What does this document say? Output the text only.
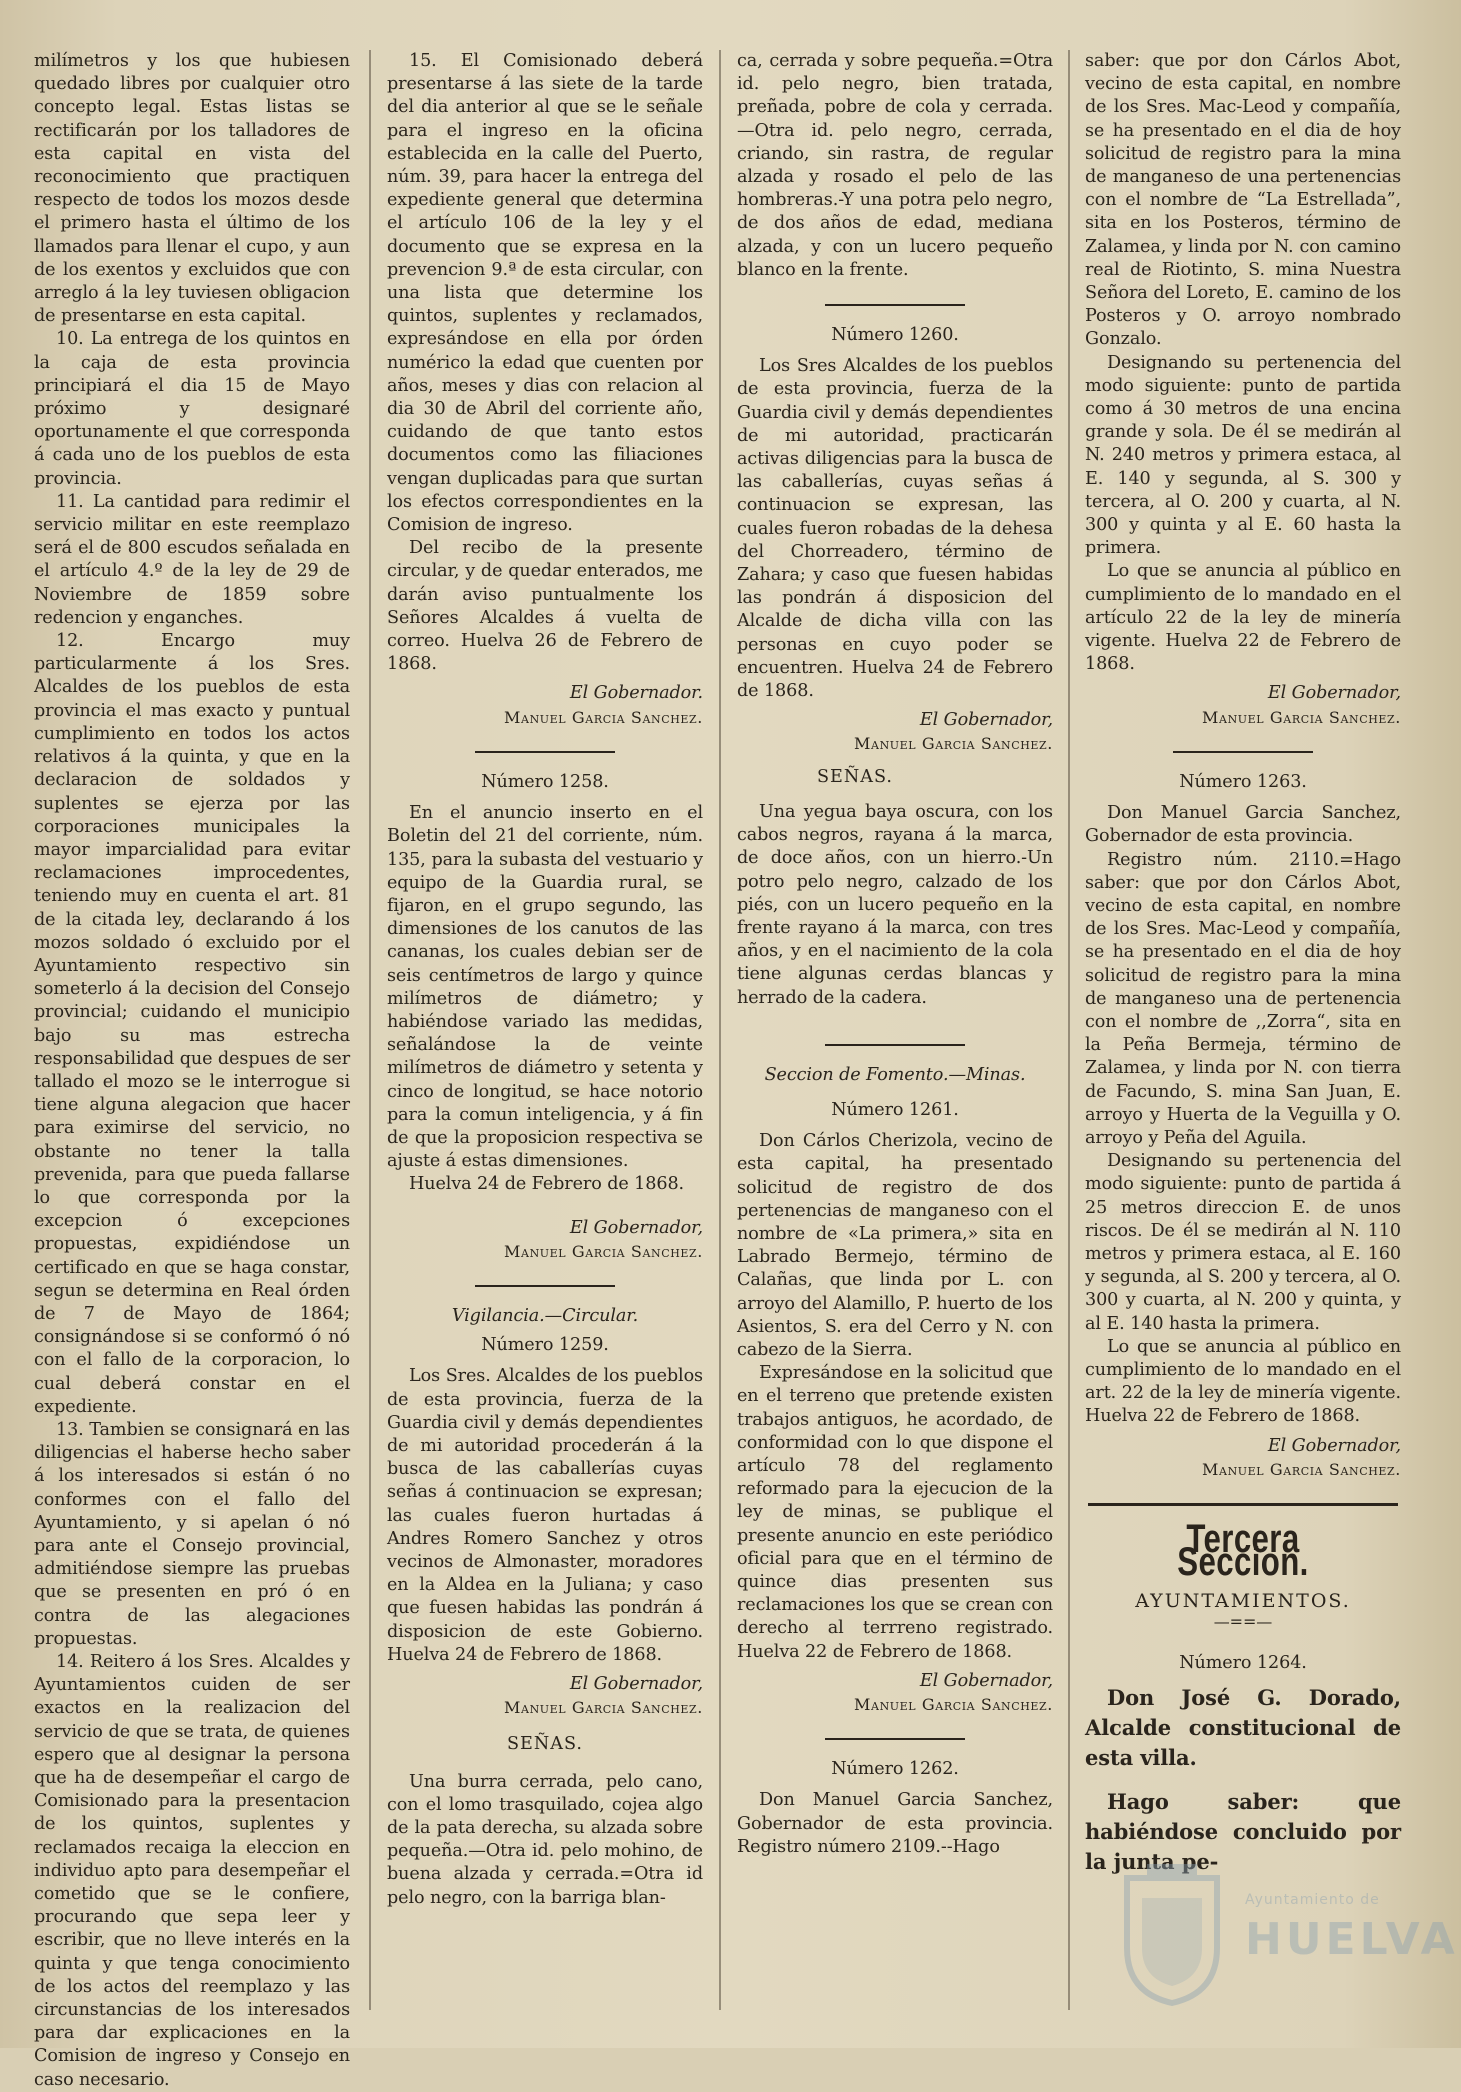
milímetros y los que hubiesen quedado libres por cualquier otro concepto legal. Estas listas se rectificarán por los talladores de esta capital en vista del reconocimiento que practiquen respecto de todos los mozos desde el primero hasta el último de los llamados para llenar el cupo, y aun de los exentos y excluidos que con arreglo á la ley tuviesen obligacion de presentarse en esta capital.

10. La entrega de los quintos en la caja de esta provincia principiará el dia 15 de Mayo próximo y designaré oportunamente el que corresponda á cada uno de los pueblos de esta provincia.

11. La cantidad para redimir el servicio militar en este reemplazo será el de 800 escudos señalada en el artículo 4.º de la ley de 29 de Noviembre de 1859 sobre redencion y enganches.

12. Encargo muy particularmente á los Sres. Alcaldes de los pueblos de esta provincia el mas exacto y puntual cumplimiento en todos los actos relativos á la quinta, y que en la declaracion de soldados y suplentes se ejerza por las corporaciones municipales la mayor imparcialidad para evitar reclamaciones improcedentes, teniendo muy en cuenta el art. 81 de la citada ley, declarando á los mozos soldado ó excluido por el Ayuntamiento respectivo sin someterlo á la decision del Consejo provincial; cuidando el municipio bajo su mas estrecha responsabilidad que despues de ser tallado el mozo se le interrogue si tiene alguna alegacion que hacer para eximirse del servicio, no obstante no tener la talla prevenida, para que pueda fallarse lo que corresponda por la excepcion ó excepciones propuestas, expidiéndose un certificado en que se haga constar, segun se determina en Real órden de 7 de Mayo de 1864; consignándose si se conformó ó nó con el fallo de la corporacion, lo cual deberá constar en el expediente.

13. Tambien se consignará en las diligencias el haberse hecho saber á los interesados si están ó no conformes con el fallo del Ayuntamiento, y si apelan ó nó para ante el Consejo provincial, admitiéndose siempre las pruebas que se presenten en pró ó en contra de las alegaciones propuestas.

14. Reitero á los Sres. Alcaldes y Ayuntamientos cuiden de ser exactos en la realizacion del servicio de que se trata, de quienes espero que al designar la persona que ha de desempeñar el cargo de Comisionado para la presentacion de los quintos, suplentes y reclamados recaiga la eleccion en individuo apto para desempeñar el cometido que se le confiere, procurando que sepa leer y escribir, que no lleve interés en la quinta y que tenga conocimiento de los actos del reemplazo y las circunstancias de los interesados para dar explicaciones en la Comision de ingreso y Consejo en caso necesario.

15. El Comisionado deberá presentarse á las siete de la tarde del dia anterior al que se le señale para el ingreso en la oficina establecida en la calle del Puerto, núm. 39, para hacer la entrega del expediente general que determina el artículo 106 de la ley y el documento que se expresa en la prevencion 9.ª de esta circular, con una lista que determine los quintos, suplentes y reclamados, expresándose en ella por órden numérico la edad que cuenten por años, meses y dias con relacion al dia 30 de Abril del corriente año, cuidando de que tanto estos documentos como las filiaciones vengan duplicadas para que surtan los efectos correspondientes en la Comision de ingreso.

Del recibo de la presente circular, y de quedar enterados, me darán aviso puntualmente los Señores Alcaldes á vuelta de correo. Huelva 26 de Febrero de 1868.

El Gobernador.
Manuel Garcia Sanchez.
Número 1258.

En el anuncio inserto en el Boletin del 21 del corriente, núm. 135, para la subasta del vestuario y equipo de la Guardia rural, se fijaron, en el grupo segundo, las dimensiones de los canutos de las cananas, los cuales debian ser de seis centímetros de largo y quince milímetros de diámetro; y habiéndose variado las medidas, señalándose la de veinte milímetros de diámetro y setenta y cinco de longitud, se hace notorio para la comun inteligencia, y á fin de que la proposicion respectiva se ajuste á estas dimensiones.

Huelva 24 de Febrero de 1868.

El Gobernador,
Manuel Garcia Sanchez.
Vigilancia.—Circular.
Número 1259.

Los Sres. Alcaldes de los pueblos de esta provincia, fuerza de la Guardia civil y demás dependientes de mi autoridad procederán á la busca de las caballerías cuyas señas á continuacion se expresan; las cuales fueron hurtadas á Andres Romero Sanchez y otros vecinos de Almonaster, moradores en la Aldea en la Juliana; y caso que fuesen habidas las pondrán á disposicion de este Gobierno. Huelva 24 de Febrero de 1868.

El Gobernador,
Manuel Garcia Sanchez.
SEÑAS.

Una burra cerrada, pelo cano, con el lomo trasquilado, cojea algo de la pata derecha, su alzada sobre pequeña.—Otra id. pelo mohino, de buena alzada y cerrada.=Otra id pelo negro, con la barriga blan-

ca, cerrada y sobre pequeña.=Otra id. pelo negro, bien tratada, preñada, pobre de cola y cerrada.—Otra id. pelo negro, cerrada, criando, sin rastra, de regular alzada y rosado el pelo de las hombreras.-Y una potra pelo negro, de dos años de edad, mediana alzada, y con un lucero pequeño blanco en la frente.

Número 1260.

Los Sres Alcaldes de los pueblos de esta provincia, fuerza de la Guardia civil y demás dependientes de mi autoridad, practicarán activas diligencias para la busca de las caballerías, cuyas señas á continuacion se expresan, las cuales fueron robadas de la dehesa del Chorreadero, término de Zahara; y caso que fuesen habidas las pondrán á disposicion del Alcalde de dicha villa con las personas en cuyo poder se encuentren. Huelva 24 de Febrero de 1868.

El Gobernador,
Manuel Garcia Sanchez.
SEÑAS.

Una yegua baya oscura, con los cabos negros, rayana á la marca, de doce años, con un hierro.-Un potro pelo negro, calzado de los piés, con un lucero pequeño en la frente rayano á la marca, con tres años, y en el nacimiento de la cola tiene algunas cerdas blancas y herrado de la cadera.

Seccion de Fomento.—Minas.
Número 1261.

Don Cárlos Cherizola, vecino de esta capital, ha presentado solicitud de registro de dos pertenencias de manganeso con el nombre de «La primera,» sita en Labrado Bermejo, término de Calañas, que linda por L. con arroyo del Alamillo, P. huerto de los Asientos, S. era del Cerro y N. con cabezo de la Sierra.

Expresándose en la solicitud que en el terreno que pretende existen trabajos antiguos, he acordado, de conformidad con lo que dispone el artículo 78 del reglamento reformado para la ejecucion de la ley de minas, se publique el presente anuncio en este periódico oficial para que en el término de quince dias presenten sus reclamaciones los que se crean con derecho al terrreno registrado. Huelva 22 de Febrero de 1868.

El Gobernador,
Manuel Garcia Sanchez.
Número 1262.

Don Manuel Garcia Sanchez, Gobernador de esta provincia. Registro número 2109.--Hago

saber: que por don Cárlos Abot, vecino de esta capital, en nombre de los Sres. Mac-Leod y compañía, se ha presentado en el dia de hoy solicitud de registro para la mina de manganeso de una pertenencias con el nombre de “La Estrellada”, sita en los Posteros, término de Zalamea, y linda por N. con camino real de Riotinto, S. mina Nuestra Señora del Loreto, E. camino de los Posteros y O. arroyo nombrado Gonzalo.

Designando su pertenencia del modo siguiente: punto de partida como á 30 metros de una encina grande y sola. De él se medirán al N. 240 metros y primera estaca, al E. 140 y segunda, al S. 300 y tercera, al O. 200 y cuarta, al N. 300 y quinta y al E. 60 hasta la primera.

Lo que se anuncia al público en cumplimiento de lo mandado en el artículo 22 de la ley de minería vigente. Huelva 22 de Febrero de 1868.

El Gobernador,
Manuel Garcia Sanchez.
Número 1263.

Don Manuel Garcia Sanchez, Gobernador de esta provincia.

Registro núm. 2110.=Hago saber: que por don Cárlos Abot, vecino de esta capital, en nombre de los Sres. Mac-Leod y compañía, se ha presentado en el dia de hoy solicitud de registro para la mina de manganeso una de pertenencia con el nombre de ,,Zorra“, sita en la Peña Bermeja, término de Zalamea, y linda por N. con tierra de Facundo, S. mina San Juan, E. arroyo y Huerta de la Veguilla y O. arroyo y Peña del Aguila.

Designando su pertenencia del modo siguiente: punto de partida á 25 metros direccion E. de unos riscos. De él se medirán al N. 110 metros y primera estaca, al E. 160 y segunda, al S. 200 y tercera, al O. 300 y cuarta, al N. 200 y quinta, y al E. 140 hasta la primera.

Lo que se anuncia al público en cumplimiento de lo mandado en el art. 22 de la ley de minería vigente. Huelva 22 de Febrero de 1868.

El Gobernador,
Manuel Garcia Sanchez.
Tercera Seccion.
AYUNTAMIENTOS.
—==—
Número 1264.

Don José G. Dorado, Alcalde constitucional de esta villa.

Hago saber: que habiéndose concluido por la junta pe-

Ayuntamiento de
HUELVA
